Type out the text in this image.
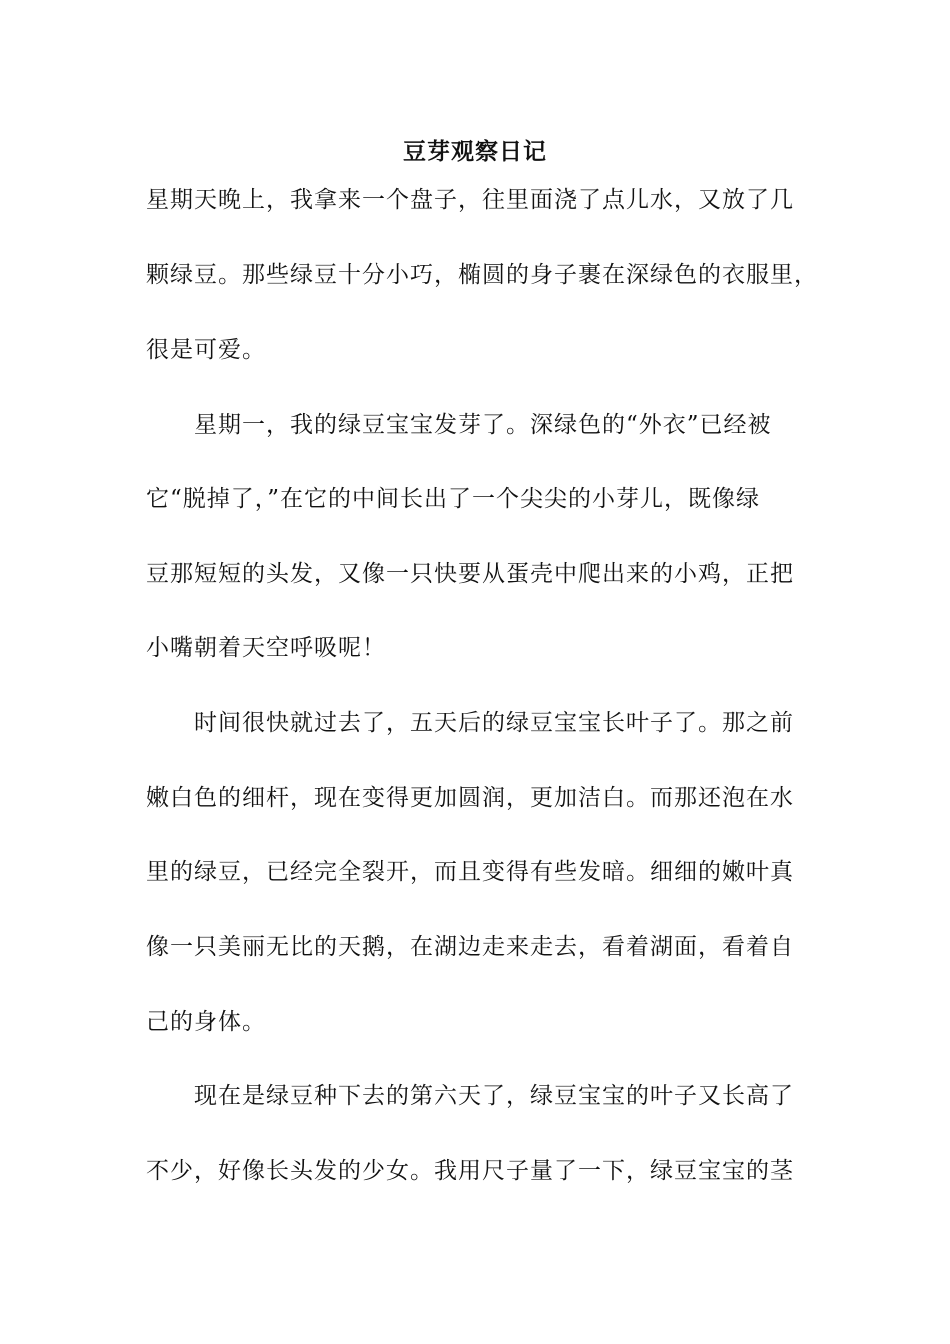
豆芽观察日记
星期天晚上，我拿来一个盘子，往里面浇了点儿水，又放了几
颗绿豆。那些绿豆十分小巧，椭圆的身子裹在深绿色的衣服里，
很是可爱。
　　星期一，我的绿豆宝宝发芽了。深绿色的“外衣”已经被
它“脱掉了，”在它的中间长出了一个尖尖的小芽儿，既像绿
豆那短短的头发，又像一只快要从蛋壳中爬出来的小鸡，正把
小嘴朝着天空呼吸呢！
　　时间很快就过去了，五天后的绿豆宝宝长叶子了。那之前
嫩白色的细杆，现在变得更加圆润，更加洁白。而那还泡在水
里的绿豆，已经完全裂开，而且变得有些发暗。细细的嫩叶真
像一只美丽无比的天鹅，在湖边走来走去，看着湖面，看着自
己的身体。
　　现在是绿豆种下去的第六天了，绿豆宝宝的叶子又长高了
不少，好像长头发的少女。我用尺子量了一下，绿豆宝宝的茎
